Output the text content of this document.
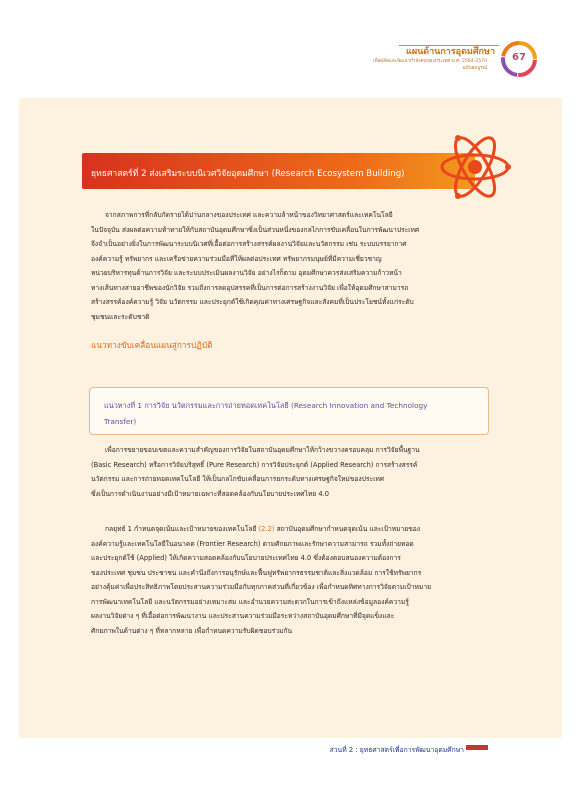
แผนด้านการอุดมศึกษา
เพื่อผลิตและพัฒนากำลังคนของประเทศ พ.ศ. 2564-2570
ฉบับสมบูรณ์
67
ยุทธศาสตร์ที่ 2 ส่งเสริมระบบนิเวศวิจัยอุดมศึกษา (Research Ecosystem Building)
จากสภาพการที่กลับกัดรายได้ปานกลางของประเทศ และความล้าหน้าของวิทยาศาสตร์และเทคโนโลยี
ในปัจจุบัน ส่งผลต่อความท้าทายให้กับสถาบันอุดมศึกษาซึ่งเป็นส่วนหนึ่งของกลไกการขับเคลื่อนในการพัฒนาประเทศ
จึงจำเป็นอย่างยิ่งในการพัฒนาระบบนิเวศที่เอื้อต่อการสร้างสรรค์ผลงานวิจัยและนวัตกรรม เช่น ระบบบรรยากาศ
องค์ความรู้ ทรัพยากร และเครือข่ายความร่วมมือที่ให้ผลต่อประเทศ ทรัพยากรมนุษย์ที่มีความเชี่ยวชาญ
หน่วยบริหารทุนด้านการวิจัย และระบบประเมินผลงานวิจัย อย่างไรก็ตาม อุดมศึกษาควรส่งเสริมความก้าวหน้า
ทางเส้นทางสายอาชีพของนักวิจัย รวมถึงการลดอุปสรรคที่เป็นการต่อการสร้างงานวิจัย เพื่อให้อุดมศึกษาสามารถ
สร้างสรรค์องค์ความรู้ วิจัย นวัตกรรม และประยุกต์ใช้เกิดคุณค่าทางเศรษฐกิจและสังคมที่เป็นประโยชน์ทั้งแก่ระดับ
ชุมชนและระดับชาติ
แนวทางขับเคลื่อนแผนสู่การปฏิบัติ
แนวทางที่ 1 การวิจัย นวัตกรรมและการถ่ายทอดเทคโนโลยี (Research Innovation and Technology
Transfer)
เพื่อการขยายขอบเขตและความสำคัญของการวิจัยในสถาบันอุดมศึกษาให้กว้างขวางครอบคลุม การวิจัยพื้นฐาน
(Basic Research) หรือการวิจัยบริสุทธิ์ (Pure Research) การวิจัยประยุกต์ (Applied Research) การสร้างสรรค์
นวัตกรรม และการถ่ายทอดเทคโนโลยี ให้เป็นกลไกขับเคลื่อนการยกระดับทางเศรษฐกิจใหม่ของประเทศ
ซึ่งเป็นการดำเนินงานอย่างมีเป้าหมายเฉพาะที่สอดคล้องกับนโยบายประเทศไทย 4.0
กลยุทธ์ 1 กำหนดจุดเน้นและเป้าหมายของเทคโนโลยี (2.2) สถาบันอุดมศึกษากำหนดจุดเน้น และเป้าหมายของ
องค์ความรู้และเทคโนโลยีในอนาคต (Frontier Research) ตามศักยภาพและรักษาความสามารถ รวมทั้งถ่ายทอด
และประยุกต์ใช้ (Applied) ให้เกิดความสอดคล้องกับนโยบายประเทศไทย 4.0 ซึ่งต้องตอบสนองความต้องการ
ของประเทศ ชุมชน ประชาชน และคำนึงถึงการอนุรักษ์และฟื้นฟูทรัพยากรธรรมชาติและสิ่งแวดล้อม การใช้ทรัพยากร
อย่างคุ้มค่าเพื่อประสิทธิภาพโดยประสานความร่วมมือกับทุกภาคส่วนที่เกี่ยวข้อง เพื่อกำหนดทิศทางการวิจัยตามเป้าหมาย
การพัฒนาเทคโนโลยี และนวัตกรรมอย่างเหมาะสม และอำนวยความสะดวกในการเข้าถึงแหล่งข้อมูลองค์ความรู้
ผลงานวิจัยต่าง ๆ ที่เอื้อต่อการพัฒนางาน และประสานความร่วมมือระหว่างสถาบันอุดมศึกษาที่มีจุดแข็งและ
ศักยภาพในด้านต่าง ๆ ที่หลากหลาย เพื่อกำหนดความรับผิดชอบร่วมกัน
ส่วนที่ 2 : ยุทธศาสตร์เพื่อการพัฒนาอุดมศึกษา
